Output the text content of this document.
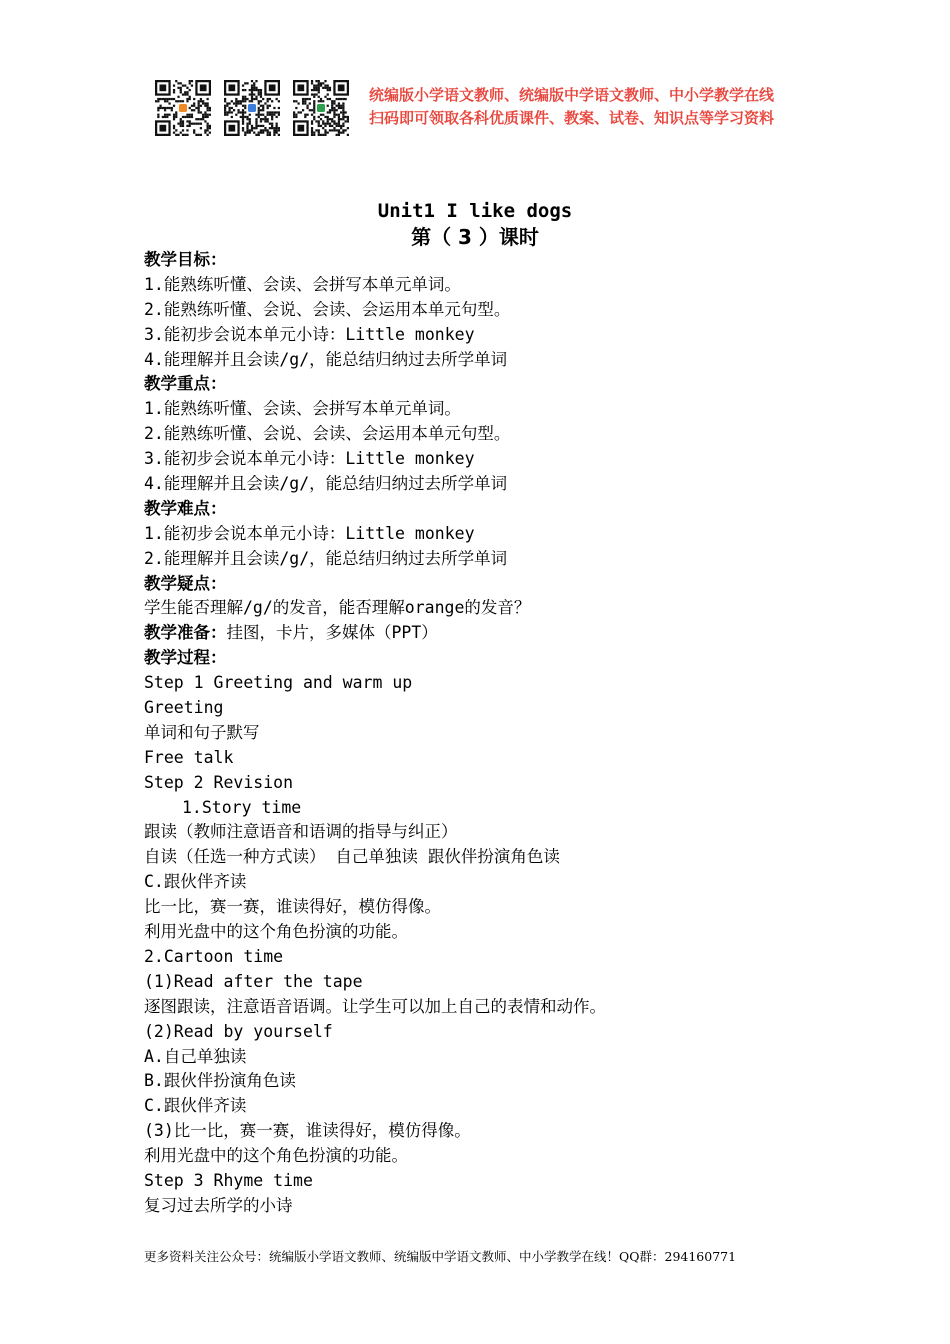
统编版小学语文教师、统编版中学语文教师、中小学教学在线
扫码即可领取各科优质课件、教案、试卷、知识点等学习资料
Unit1 I like dogs
第（ 3 ）课时
教学目标：
1.能熟练听懂、会读、会拼写本单元单词。
2.能熟练听懂、会说、会读、会运用本单元句型。
3.能初步会说本单元小诗：Little monkey
4.能理解并且会读/g/，能总结归纳过去所学单词
教学重点：
1.能熟练听懂、会读、会拼写本单元单词。
2.能熟练听懂、会说、会读、会运用本单元句型。
3.能初步会说本单元小诗：Little monkey
4.能理解并且会读/g/，能总结归纳过去所学单词
教学难点：
1.能初步会说本单元小诗：Little monkey
2.能理解并且会读/g/，能总结归纳过去所学单词
教学疑点：
学生能否理解/g/的发音，能否理解orange的发音？
教学准备：挂图，卡片，多媒体（PPT）
教学过程：
Step 1 Greeting and warm up
Greeting
单词和句子默写
Free talk
Step 2 Revision
1.Story time
跟读（教师注意语音和语调的指导与纠正）
自读（任选一种方式读） 自己单独读 跟伙伴扮演角色读
C.跟伙伴齐读
比一比，赛一赛，谁读得好，模仿得像。
利用光盘中的这个角色扮演的功能。
2.Cartoon time
(1)Read after the tape
逐图跟读，注意语音语调。让学生可以加上自己的表情和动作。
(2)Read by yourself
A.自己单独读
B.跟伙伴扮演角色读
C.跟伙伴齐读
(3)比一比，赛一赛，谁读得好，模仿得像。
利用光盘中的这个角色扮演的功能。
Step 3 Rhyme time
复习过去所学的小诗
更多资料关注公众号：统编版小学语文教师、统编版中学语文教师、中小学教学在线！QQ群：294160771
